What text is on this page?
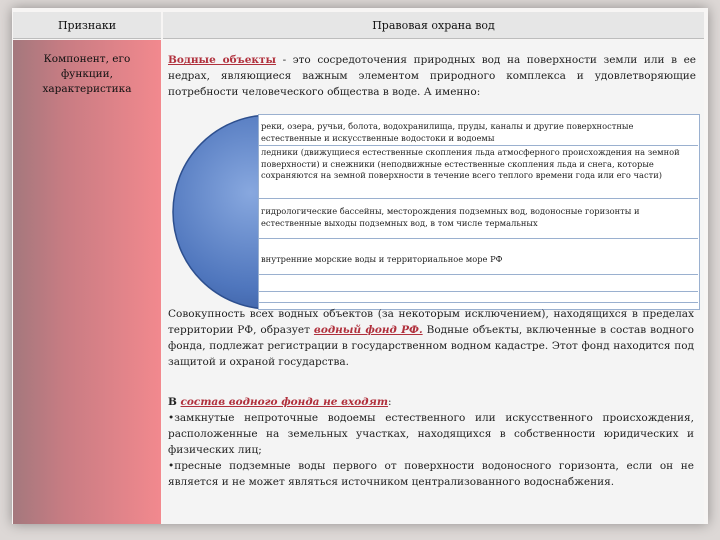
Признаки	Правовая охрана вод
Компонент, его
функции,
характеристика
Водные объекты - это сосредоточения природных вод на поверхности земли или в ее недрах, являющиеся важным элементом природного комплекса и удовлетворяющие потребности человеческого общества в воде. А именно:
реки, озера, ручьи, болота, водохранилища, пруды, каналы и другие поверхностные естественные и искусственные водостоки и водоемы
ледники (движущиеся естественные скопления льда атмосферного происхождения на земной поверхности) и снежники (неподвижные естественные скопления льда и снега, которые сохраняются на земной поверхности в течение всего теплого времени года или его части)
гидрологические бассейны, месторождения подземных вод, водоносные горизонты и естественные выходы подземных вод, в том числе термальных
внутренние морские воды и территориальное море РФ
Совокупность всех водных объектов (за некоторым исключением), находящихся в пределах территории РФ, образует водный фонд РФ. Водные объекты, включенные в состав водного фонда, подлежат регистрации в государственном водном кадастре. Этот фонд находится под защитой и охраной государства.
В состав водного фонда не входят:
•замкнутые непроточные водоемы естественного или искусственного происхождения, расположенные на земельных участках, находящихся в собственности юридических и физических лиц;
•пресные подземные воды первого от поверхности водоносного горизонта, если он не является и не может являться источником централизованного водоснабжения.
